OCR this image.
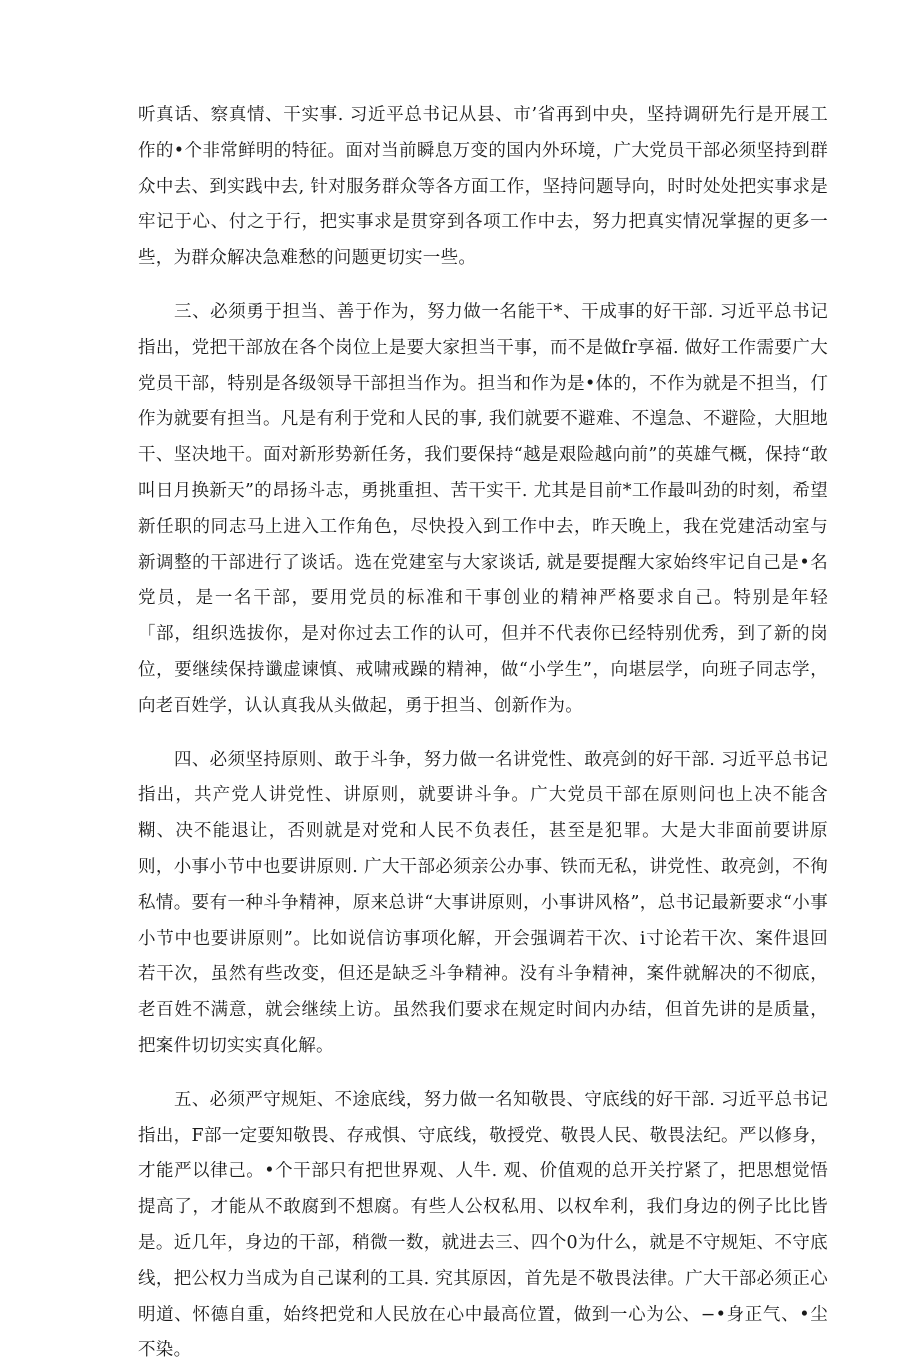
听真话、察真情、干实事. 习近平总书记从县、市’省再到中央，坚持调研先行是开展工作的•个非常鲜明的特征。面对当前瞬息万变的国内外环境，广大党员干部必须坚持到群众中去、到实践中去, 针对服务群众等各方面工作，坚持问题导向，时时处处把实事求是牢记于心、付之于行，把实事求是贯穿到各项工作中去，努力把真实情况掌握的更多一些，为群众解决急难愁的问题更切实一些。

三、必须勇于担当、善于作为，努力做一名能干*、干成事的好干部. 习近平总书记指出，党把干部放在各个岗位上是要大家担当干事，而不是做fr享福. 做好工作需要广大党员干部，特别是各级领导干部担当作为。担当和作为是•体的，不作为就是不担当，仃作为就要有担当。凡是有利于党和人民的事, 我们就要不避难、不遑急、不避险，大胆地干、坚决地干。面对新形势新任务，我们要保持“越是艰险越向前”的英雄气概，保持“敢叫日月换新天”的昂扬斗志，勇挑重担、苦干实干. 尤其是目前*工作最叫劲的时刻，希望新任职的同志马上进入工作角色，尽快投入到工作中去，昨天晚上，我在党建活动室与新调整的干部进行了谈话。选在党建室与大家谈话, 就是要提醒大家始终牢记自己是•名党员，是一名干部，要用党员的标准和干事创业的精神严格要求自己。特别是年轻「部，组织选拔你，是对你过去工作的认可，但并不代表你已经特别优秀，到了新的岗位，要继续保持谶虚谏慎、戒啸戒躁的精神，做“小学生”，向堪层学，向班子同志学，向老百姓学，认认真我从头做起，勇于担当、创新作为。

四、必须坚持原则、敢于斗争，努力做一名讲党性、敢亮剑的好干部. 习近平总书记指出，共产党人讲党性、讲原则，就要讲斗争。广大党员干部在原则问也上决不能含糊、决不能退让，否则就是对党和人民不负表任，甚至是犯罪。大是大非面前要讲原则，小事小节中也要讲原则. 广大干部必须亲公办事、铁而无私，讲党性、敢亮剑，不徇私情。要有一种斗争精神，原来总讲“大事讲原则，小事讲风格”，总书记最新要求“小事小节中也要讲原则”。比如说信访事项化解，开会强调若干次、i寸论若干次、案件退回若干次，虽然有些改变，但还是缺乏斗争精神。没有斗争精神，案件就解决的不彻底，老百姓不满意，就会继续上访。虽然我们要求在规定时间内办结，但首先讲的是质量，把案件切切实实真化解。

五、必须严守规矩、不途底线，努力做一名知敬畏、守底线的好干部. 习近平总书记指出，F部一定要知敬畏、存戒惧、守底线，敬授党、敬畏人民、敬畏法纪。严以修身，才能严以律己。•个干部只有把世界观、人牛. 观、价值观的总开关拧紧了，把思想觉悟提高了，才能从不敢腐到不想腐。有些人公权私用、以权牟利，我们身边的例子比比皆是。近几年，身边的干部，稍微一数，就进去三、四个0为什么，就是不守规矩、不守底线，把公权力当成为自己谋利的工具. 究其原因，首先是不敬畏法律。广大干部必须正心明道、怀德自重，始终把党和人民放在心中最高位置，做到一心为公、−•身正气、•尘不染。
